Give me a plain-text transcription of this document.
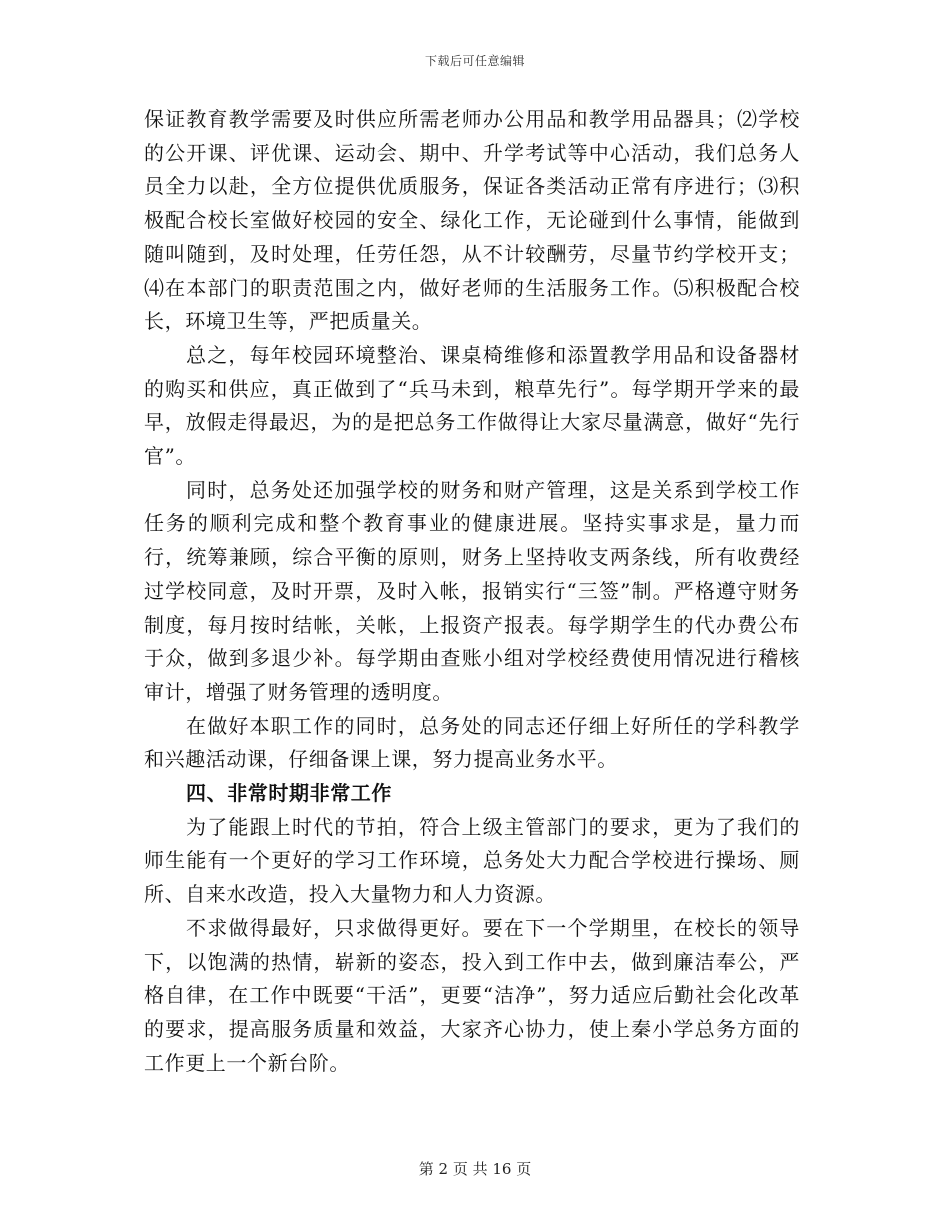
下载后可任意编辑

保证教育教学需要及时供应所需老师办公用品和教学用品器具；⑵学校的公开课、评优课、运动会、期中、升学考试等中心活动，我们总务人员全力以赴，全方位提供优质服务，保证各类活动正常有序进行；⑶积极配合校长室做好校园的安全、绿化工作，无论碰到什么事情，能做到随叫随到，及时处理，任劳任怨，从不计较酬劳，尽量节约学校开支；⑷在本部门的职责范围之内，做好老师的生活服务工作。⑸积极配合校长，环境卫生等，严把质量关。

总之，每年校园环境整治、课桌椅维修和添置教学用品和设备器材的购买和供应，真正做到了“兵马未到，粮草先行”。每学期开学来的最早，放假走得最迟，为的是把总务工作做得让大家尽量满意，做好“先行官”。

同时，总务处还加强学校的财务和财产管理，这是关系到学校工作任务的顺利完成和整个教育事业的健康进展。坚持实事求是，量力而行，统筹兼顾，综合平衡的原则，财务上坚持收支两条线，所有收费经过学校同意，及时开票，及时入帐，报销实行“三签”制。严格遵守财务制度，每月按时结帐，关帐，上报资产报表。每学期学生的代办费公布于众，做到多退少补。每学期由查账小组对学校经费使用情况进行稽核审计，增强了财务管理的透明度。

在做好本职工作的同时，总务处的同志还仔细上好所任的学科教学和兴趣活动课，仔细备课上课，努力提高业务水平。

四、非常时期非常工作

为了能跟上时代的节拍，符合上级主管部门的要求，更为了我们的师生能有一个更好的学习工作环境，总务处大力配合学校进行操场、厕所、自来水改造，投入大量物力和人力资源。

不求做得最好，只求做得更好。要在下一个学期里，在校长的领导下，以饱满的热情，崭新的姿态，投入到工作中去，做到廉洁奉公，严格自律，在工作中既要“干活”，更要“洁净”，努力适应后勤社会化改革的要求，提高服务质量和效益，大家齐心协力，使上秦小学总务方面的工作更上一个新台阶。

第 2 页 共 16 页
